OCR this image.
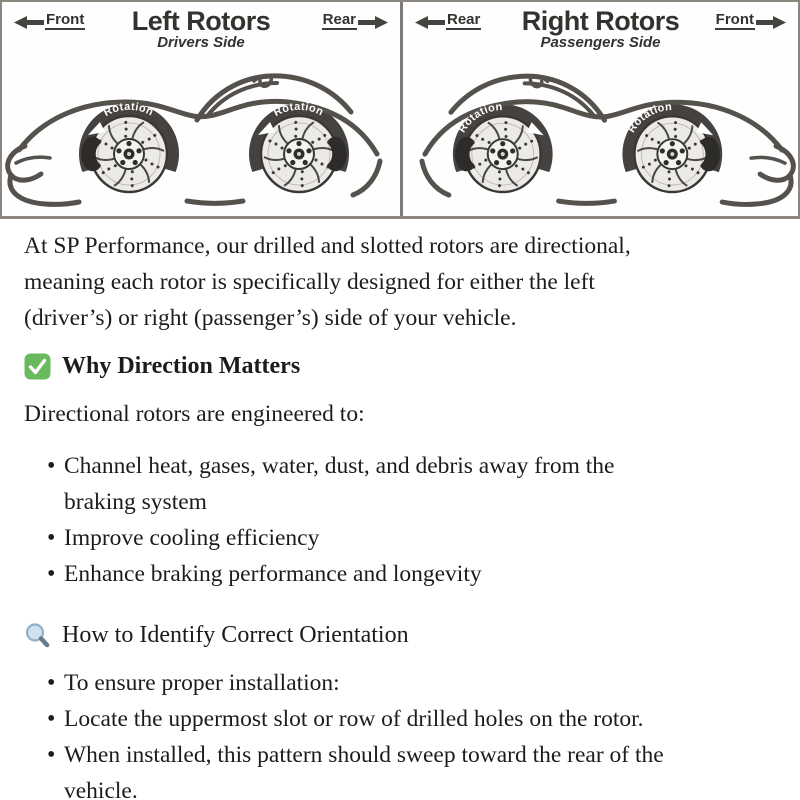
Front	Left Rotors
Drivers Side
Rear
Rotation	Rotation
Rear	Right Rotors
Passengers Side
Front
Rotation
Rotation
At SP Performance, our drilled and slotted rotors are directional,
meaning each rotor is specifically designed for either the left
(driver’s) or right (passenger’s) side of your vehicle.
Why Direction Matters
Directional rotors are engineered to:
• Channel heat, gases, water, dust, and debris away from the
braking system
• Improve cooling efficiency
• Enhance braking performance and longevity
How to Identify Correct Orientation
• To ensure proper installation:
• Locate the uppermost slot or row of drilled holes on the rotor.
• When installed, this pattern should sweep toward the rear of the
vehicle.
